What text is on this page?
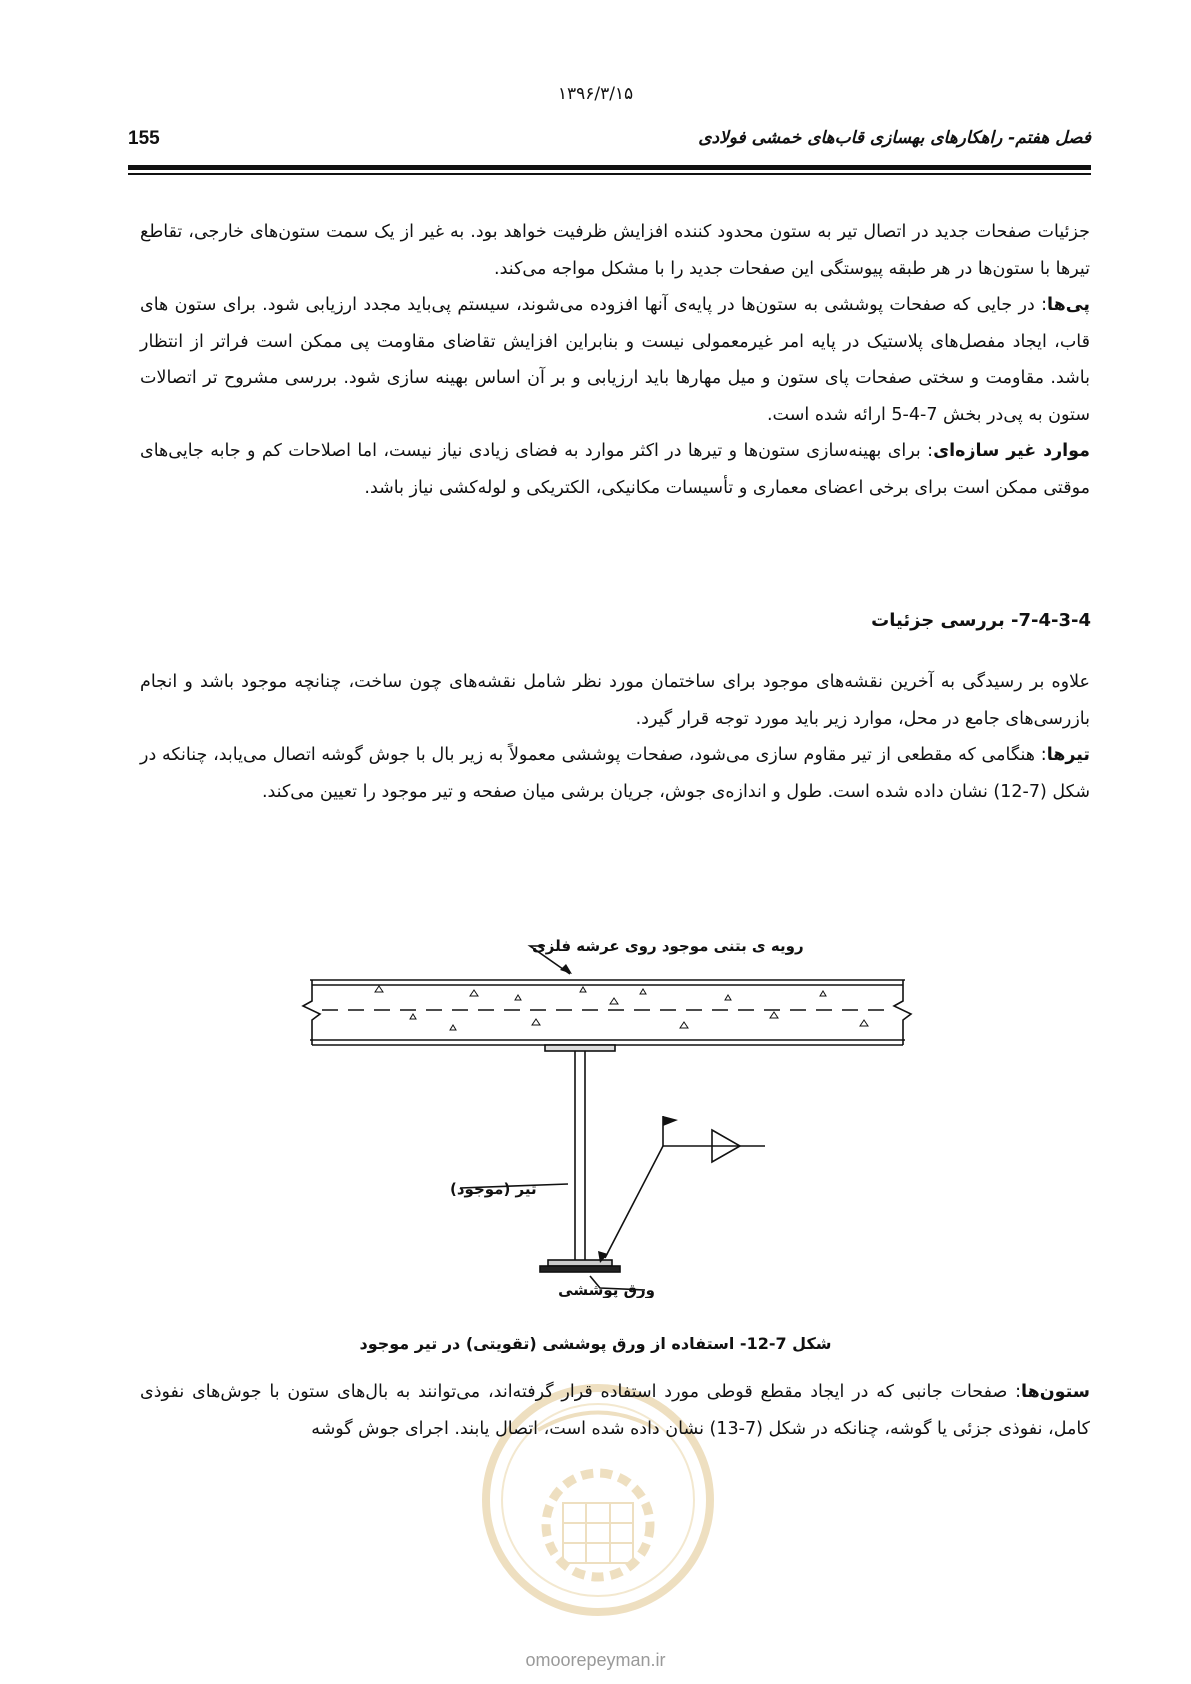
۱۳۹۶/۳/۱۵
155	فصل هفتم- راهکارهای بهسازی قاب‌های خمشی فولادی

جزئیات صفحات جدید در اتصال تیر به ستون محدود کننده افزایش ظرفیت خواهد بود. به غیر از یک سمت ستون‌های خارجی، تقاطع تیرها با ستون‌ها در هر طبقه پیوستگی این صفحات جدید را با مشکل مواجه می‌کند.

پی‌ها: در جایی که صفحات پوششی به ستون‌ها در پایه‌ی آنها افزوده می‌شوند، سیستم پی‌باید مجدد ارزیابی شود. برای ستون های قاب، ایجاد مفصل‌های پلاستیک در پایه امر غیرمعمولی نیست و بنابراین افزایش تقاضای مقاومت پی ممکن است فراتر از انتظار باشد. مقاومت و سختی صفحات پای ستون و میل مهارها باید ارزیابی و بر آن اساس بهینه سازی شود. بررسی مشروح تر اتصالات ستون به پی‌در بخش 7-4-5 ارائه شده است.

موارد غیر سازه‌ای: برای بهینه‌سازی ستون‌ها و تیرها در اکثر موارد به فضای زیادی نیاز نیست، اما اصلاحات کم و جابه جایی‌های موقتی ممکن است برای برخی اعضای معماری و تأسیسات مکانیکی، الکتریکی و لوله‌کشی نیاز باشد.

7-4-3-4- بررسی جزئیات

علاوه بر رسیدگی به آخرین نقشه‌های موجود برای ساختمان مورد نظر شامل نقشه‌های چون ساخت، چنانچه موجود باشد و انجام بازرسی‌های جامع در محل، موارد زیر باید مورد توجه قرار گیرد.

تیرها: هنگامی که مقطعی از تیر مقاوم سازی می‌شود، صفحات پوششی معمولاً به زیر بال با جوش گوشه اتصال می‌یابد، چنانکه در شکل (7-12) نشان داده شده است. طول و اندازه‌ی جوش، جریان برشی میان صفحه و تیر موجود را تعیین می‌کند.

رویه ی بتنی موجود روی عرشه فلزی
تیر (موجود)
ورق پوششی
شکل 7-12- استفاده از ورق پوششی (تقویتی) در تیر موجود
omoorepeyman.ir

ستون‌ها: صفحات جانبی که در ایجاد مقطع قوطی مورد استفاده قرار گرفته‌اند، می‌توانند به بال‌های ستون با جوش‌های نفوذی کامل، نفوذی جزئی یا گوشه، چنانکه در شکل (7-13) نشان داده شده است، اتصال یابند. اجرای جوش گوشه
